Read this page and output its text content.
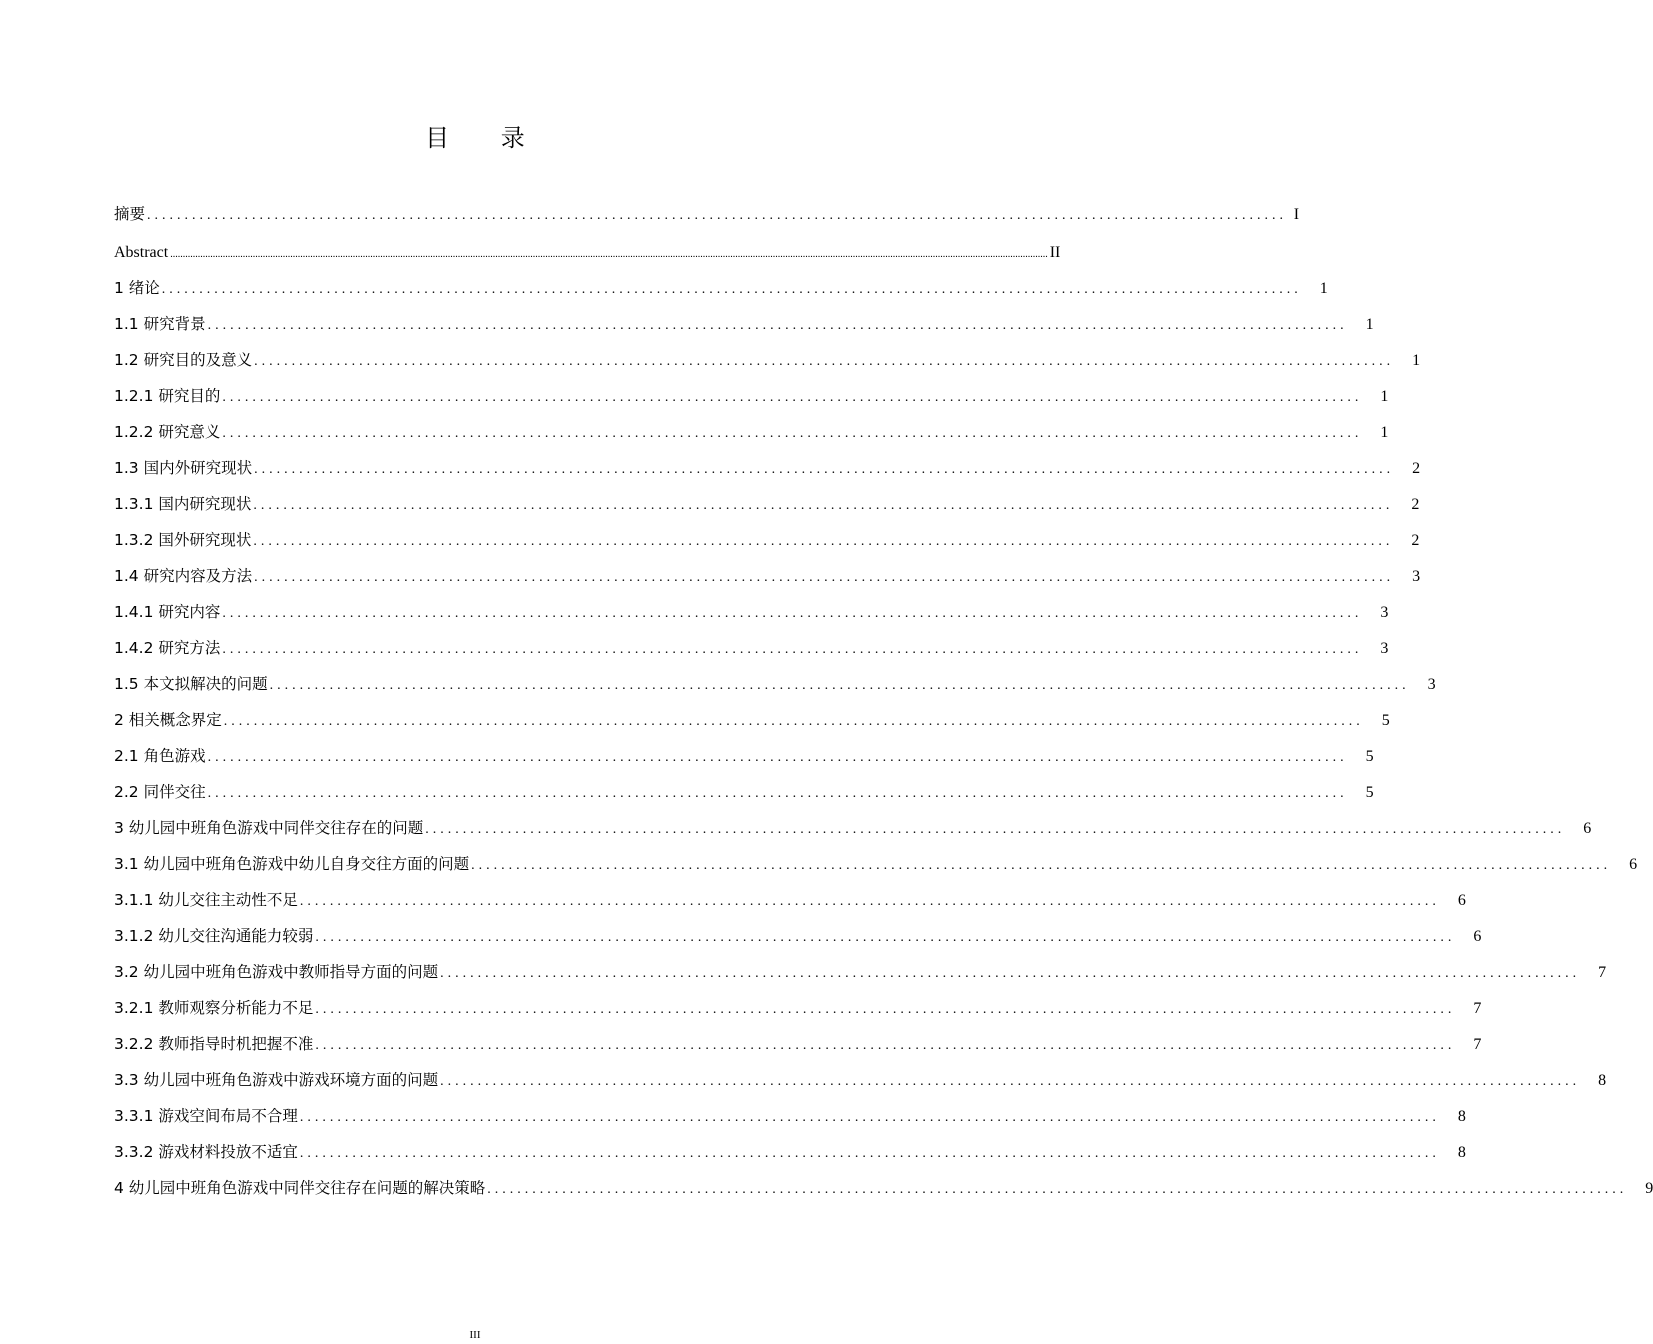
目 录
摘要 ........................................................................................................................................................ I
Abstract ............................................................................................................................................................................................................................................................................................................................................................... II
1 绪论 ........................................................................................................................................................	1
1.1 研究背景 ........................................................................................................................................................	1
1.2 研究目的及意义 ........................................................................................................................................................	1
1.2.1 研究目的 ........................................................................................................................................................	1
1.2.2 研究意义 ........................................................................................................................................................	1
1.3 国内外研究现状 ........................................................................................................................................................	2
1.3.1 国内研究现状 ........................................................................................................................................................	2
1.3.2 国外研究现状 ........................................................................................................................................................	2
1.4 研究内容及方法 ........................................................................................................................................................	3
1.4.1 研究内容 ........................................................................................................................................................	3
1.4.2 研究方法 ........................................................................................................................................................	3
1.5 本文拟解决的问题 ........................................................................................................................................................	3
2 相关概念界定 ........................................................................................................................................................	5
2.1 角色游戏 ........................................................................................................................................................	5
2.2 同伴交往 ........................................................................................................................................................	5
3 幼儿园中班角色游戏中同伴交往存在的问题 ........................................................................................................................................................	6
3.1 幼儿园中班角色游戏中幼儿自身交往方面的问题 ........................................................................................................................................................	6
3.1.1 幼儿交往主动性不足 ........................................................................................................................................................	6
3.1.2 幼儿交往沟通能力较弱 ........................................................................................................................................................	6
3.2 幼儿园中班角色游戏中教师指导方面的问题 ........................................................................................................................................................	7
3.2.1 教师观察分析能力不足 ........................................................................................................................................................	7
3.2.2 教师指导时机把握不准 ........................................................................................................................................................	7
3.3 幼儿园中班角色游戏中游戏环境方面的问题 ........................................................................................................................................................	8
3.3.1 游戏空间布局不合理 ........................................................................................................................................................	8
3.3.2 游戏材料投放不适宜 ........................................................................................................................................................	8
4 幼儿园中班角色游戏中同伴交往存在问题的解决策略 ........................................................................................................................................................	9
III
